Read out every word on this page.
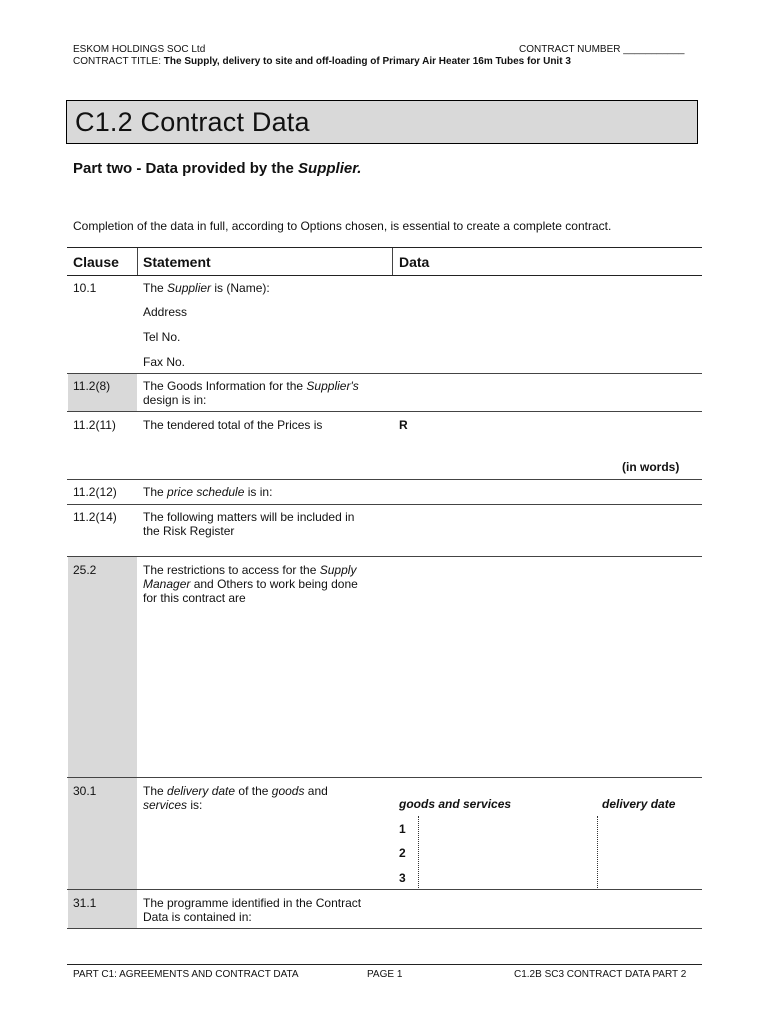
ESKOM HOLDINGS SOC Ltd	CONTRACT NUMBER ___________
CONTRACT TITLE: The Supply, delivery to site and off-loading of Primary Air Heater 16m Tubes for Unit 3
C1.2 Contract Data
Part two - Data provided by the Supplier.
Completion of the data in full, according to Options chosen, is essential to create a complete contract.
Clause Statement	Data
10.1	The Supplier is (Name):
Address
Tel No.
Fax No.
11.2(8)	The Goods Information for the Supplier's
design is in:
11.2(11) The tendered total of the Prices is	R
(in words)
11.2(12) The price schedule is in:
11.2(14) The following matters will be included in
the Risk Register
25.2	The restrictions to access for the Supply
Manager and Others to work being done
for this contract are
30.1	The delivery date of the goods and
services is:	goods and services	delivery date
1
2
3
31.1	The programme identified in the Contract
Data is contained in:
PART C1: AGREEMENTS AND CONTRACT DATA	PAGE 1	C1.2B SC3 CONTRACT DATA PART 2
